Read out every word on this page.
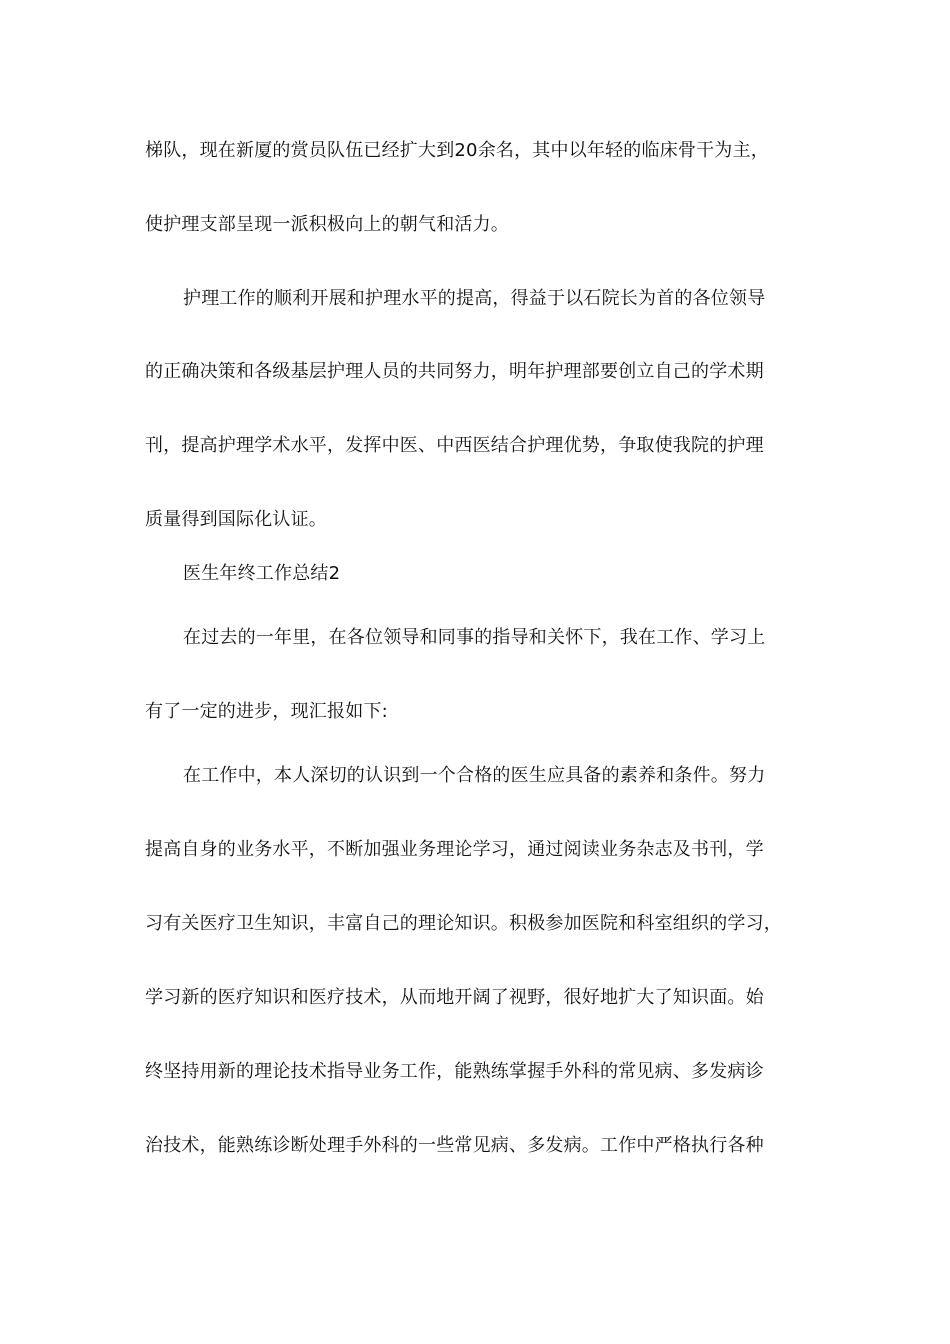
梯队，现在新厦的赏员队伍已经扩大到20余名，其中以年轻的临床骨干为主，
使护理支部呈现一派积极向上的朝气和活力。
护理工作的顺利开展和护理水平的提高，得益于以石院长为首的各位领导
的正确决策和各级基层护理人员的共同努力，明年护理部要创立自己的学术期
刊，提高护理学术水平，发挥中医、中西医结合护理优势，争取使我院的护理
质量得到国际化认证。
医生年终工作总结2
在过去的一年里，在各位领导和同事的指导和关怀下，我在工作、学习上
有了一定的进步，现汇报如下:
在工作中，本人深切的认识到一个合格的医生应具备的素养和条件。努力
提高自身的业务水平，不断加强业务理论学习，通过阅读业务杂志及书刊，学
习有关医疗卫生知识，丰富自己的理论知识。积极参加医院和科室组织的学习，
学习新的医疗知识和医疗技术，从而地开阔了视野，很好地扩大了知识面。始
终坚持用新的理论技术指导业务工作，能熟练掌握手外科的常见病、多发病诊
治技术，能熟练诊断处理手外科的一些常见病、多发病。工作中严格执行各种
